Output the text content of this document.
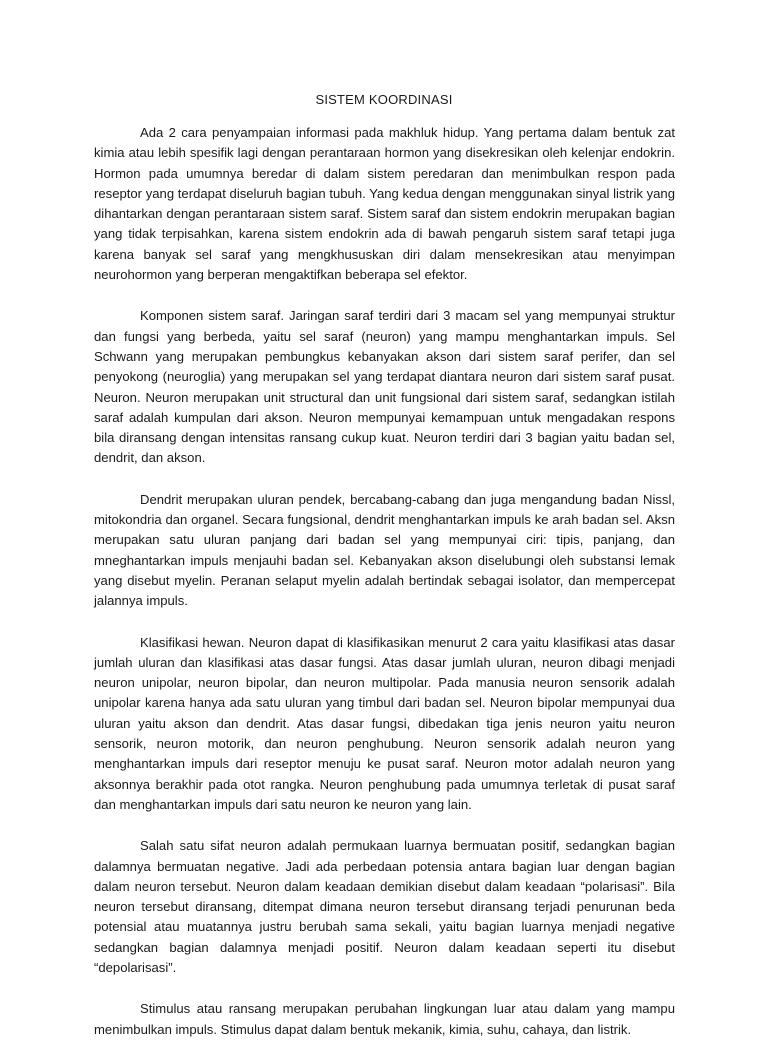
SISTEM KOORDINASI

Ada 2 cara penyampaian informasi pada makhluk hidup. Yang pertama dalam bentuk zat kimia atau lebih spesifik lagi dengan perantaraan hormon yang disekresikan oleh kelenjar endokrin. Hormon pada umumnya beredar di dalam sistem peredaran dan menimbulkan respon pada reseptor yang terdapat diseluruh bagian tubuh. Yang kedua dengan menggunakan sinyal listrik yang dihantarkan dengan perantaraan sistem saraf. Sistem saraf dan sistem endokrin merupakan bagian yang tidak terpisahkan, karena sistem endokrin ada di bawah pengaruh sistem saraf tetapi juga karena banyak sel saraf yang mengkhususkan diri dalam mensekresikan atau menyimpan neurohormon yang berperan mengaktifkan beberapa sel efektor.

Komponen sistem saraf. Jaringan saraf terdiri dari 3 macam sel yang mempunyai struktur dan fungsi yang berbeda, yaitu sel saraf (neuron) yang mampu menghantarkan impuls. Sel Schwann yang merupakan pembungkus kebanyakan akson dari sistem saraf perifer, dan sel penyokong (neuroglia) yang merupakan sel yang terdapat diantara neuron dari sistem saraf pusat. Neuron. Neuron merupakan unit structural dan unit fungsional dari sistem saraf, sedangkan istilah saraf adalah kumpulan dari akson. Neuron mempunyai kemampuan untuk mengadakan respons bila diransang dengan intensitas ransang cukup kuat. Neuron terdiri dari 3 bagian yaitu badan sel, dendrit, dan akson.

Dendrit merupakan uluran pendek, bercabang-cabang dan juga mengandung badan Nissl, mitokondria dan organel. Secara fungsional, dendrit menghantarkan impuls ke arah badan sel. Aksn merupakan satu uluran panjang dari badan sel yang mempunyai ciri: tipis, panjang, dan mneghantarkan impuls menjauhi badan sel. Kebanyakan akson diselubungi oleh substansi lemak yang disebut myelin. Peranan selaput myelin adalah bertindak sebagai isolator, dan mempercepat jalannya impuls.

Klasifikasi hewan. Neuron dapat di klasifikasikan menurut 2 cara yaitu klasifikasi atas dasar jumlah uluran dan klasifikasi atas dasar fungsi. Atas dasar jumlah uluran, neuron dibagi menjadi neuron unipolar, neuron bipolar, dan neuron multipolar. Pada manusia neuron sensorik adalah unipolar karena hanya ada satu uluran yang timbul dari badan sel. Neuron bipolar mempunyai dua uluran yaitu akson dan dendrit. Atas dasar fungsi, dibedakan tiga jenis neuron yaitu neuron sensorik, neuron motorik, dan neuron penghubung. Neuron sensorik adalah neuron yang menghantarkan impuls dari reseptor menuju ke pusat saraf. Neuron motor adalah neuron yang aksonnya berakhir pada otot rangka. Neuron penghubung pada umumnya terletak di pusat saraf dan menghantarkan impuls dari satu neuron ke neuron yang lain.

Salah satu sifat neuron adalah permukaan luarnya bermuatan positif, sedangkan bagian dalamnya bermuatan negative. Jadi ada perbedaan potensia antara bagian luar dengan bagian dalam neuron tersebut. Neuron dalam keadaan demikian disebut dalam keadaan “polarisasi”. Bila neuron tersebut diransang, ditempat dimana neuron tersebut diransang terjadi penurunan beda potensial atau muatannya justru berubah sama sekali, yaitu bagian luarnya menjadi negative sedangkan bagian dalamnya menjadi positif. Neuron dalam keadaan seperti itu disebut “depolarisasi”.

Stimulus atau ransang merupakan perubahan lingkungan luar atau dalam yang mampu menimbulkan impuls. Stimulus dapat dalam bentuk mekanik, kimia, suhu, cahaya, dan listrik.
